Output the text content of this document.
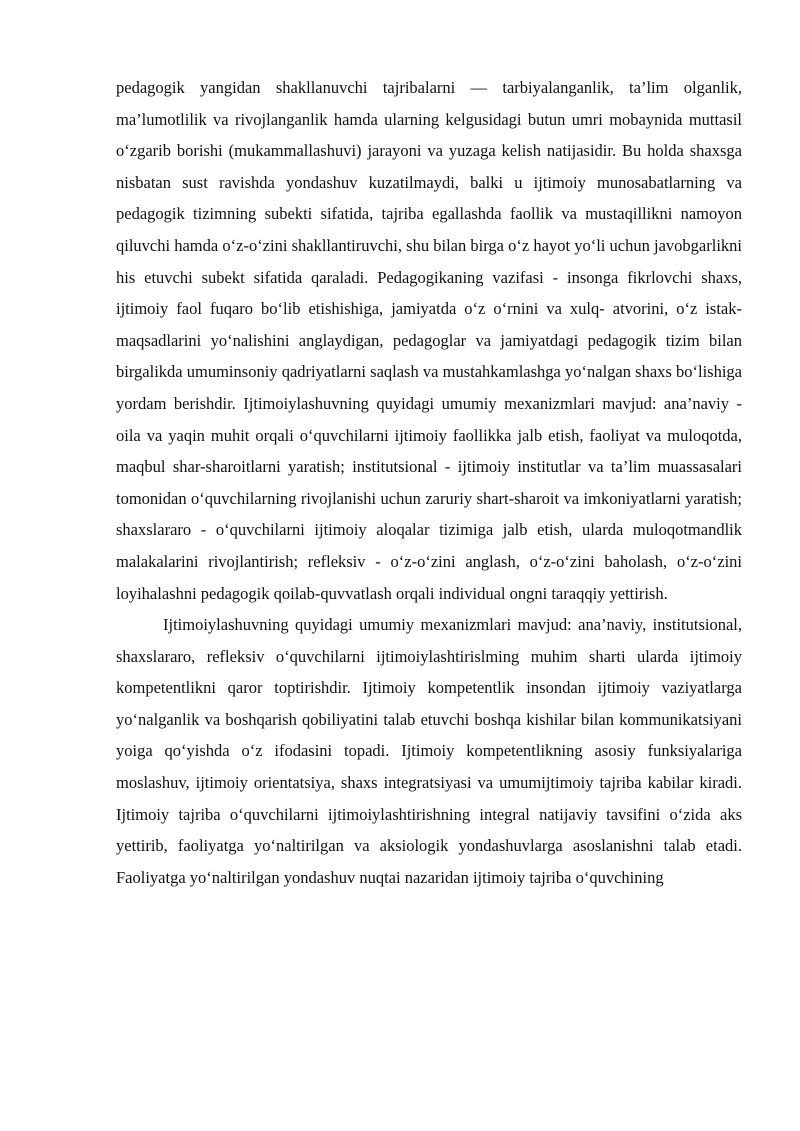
pedagogik yangidan shakllanuvchi tajribalarni — tarbiyalanganlik, ta’lim olganlik, ma’lumotlilik va rivojlanganlik hamda ularning kelgusidagi butun umri mobaynida muttasil o‘zgarib borishi (mukammallashuvi) jarayoni va yuzaga kelish natijasidir. Bu holda shaxsga nisbatan sust ravishda yondashuv kuzatilmaydi, balki u ijtimoiy munosabatlarning va pedagogik tizimning subekti sifatida, tajriba egallashda faollik va mustaqillikni namoyon qiluvchi hamda o‘z-o‘zini shakllantiruvchi, shu bilan birga o‘z hayot yo‘li uchun javobgarlikni his etuvchi subekt sifatida qaraladi. Pedagogikaning vazifasi - insonga fikrlovchi shaxs, ijtimoiy faol fuqaro bo‘lib etishishiga, jamiyatda o‘z o‘rnini va xulq- atvorini, o‘z istak-maqsadlarini yo‘nalishini anglaydigan, pedagoglar va jamiyatdagi pedagogik tizim bilan birgalikda umuminsoniy qadriyatlarni saqlash va mustahkamlashga yo‘nalgan shaxs bo‘lishiga yordam berishdir. Ijtimoiylashuvning quyidagi umumiy mexanizmlari mavjud: ana’naviy - oila va yaqin muhit orqali o‘quvchilarni ijtimoiy faollikka jalb etish, faoliyat va muloqotda, maqbul shar-sharoitlarni yaratish; institutsional - ijtimoiy institutlar va ta’lim muassasalari tomonidan o‘quvchilarning rivojlanishi uchun zaruriy shart-sharoit va imkoniyatlarni yaratish; shaxslararo - o‘quvchilarni ijtimoiy aloqalar tizimiga jalb etish, ularda muloqotmandlik malakalarini rivojlantirish; refleksiv - o‘z-o‘zini anglash, o‘z-o‘zini baholash, o‘z-o‘zini loyihalashni pedagogik qoilab-quvvatlash orqali individual ongni taraqqiy yettirish.

Ijtimoiylashuvning quyidagi umumiy mexanizmlari mavjud: ana’naviy, institutsional, shaxslararo, refleksiv o‘quvchilarni ijtimoiylashtirislming muhim sharti ularda ijtimoiy kompetentlikni qaror toptirishdir. Ijtimoiy kompetentlik insondan ijtimoiy vaziyatlarga yo‘nalganlik va boshqarish qobiliyatini talab etuvchi boshqa kishilar bilan kommunikatsiyani yoiga qo‘yishda o‘z ifodasini topadi. Ijtimoiy kompetentlikning asosiy funksiyalariga moslashuv, ijtimoiy orientatsiya, shaxs integratsiyasi va umumijtimoiy tajriba kabilar kiradi. Ijtimoiy tajriba o‘quvchilarni ijtimoiylashtirishning integral natijaviy tavsifini o‘zida aks yettirib, faoliyatga yo‘naltirilgan va aksiologik yondashuvlarga asoslanishni talab etadi. Faoliyatga yo‘naltirilgan yondashuv nuqtai nazaridan ijtimoiy tajriba o‘quvchining
